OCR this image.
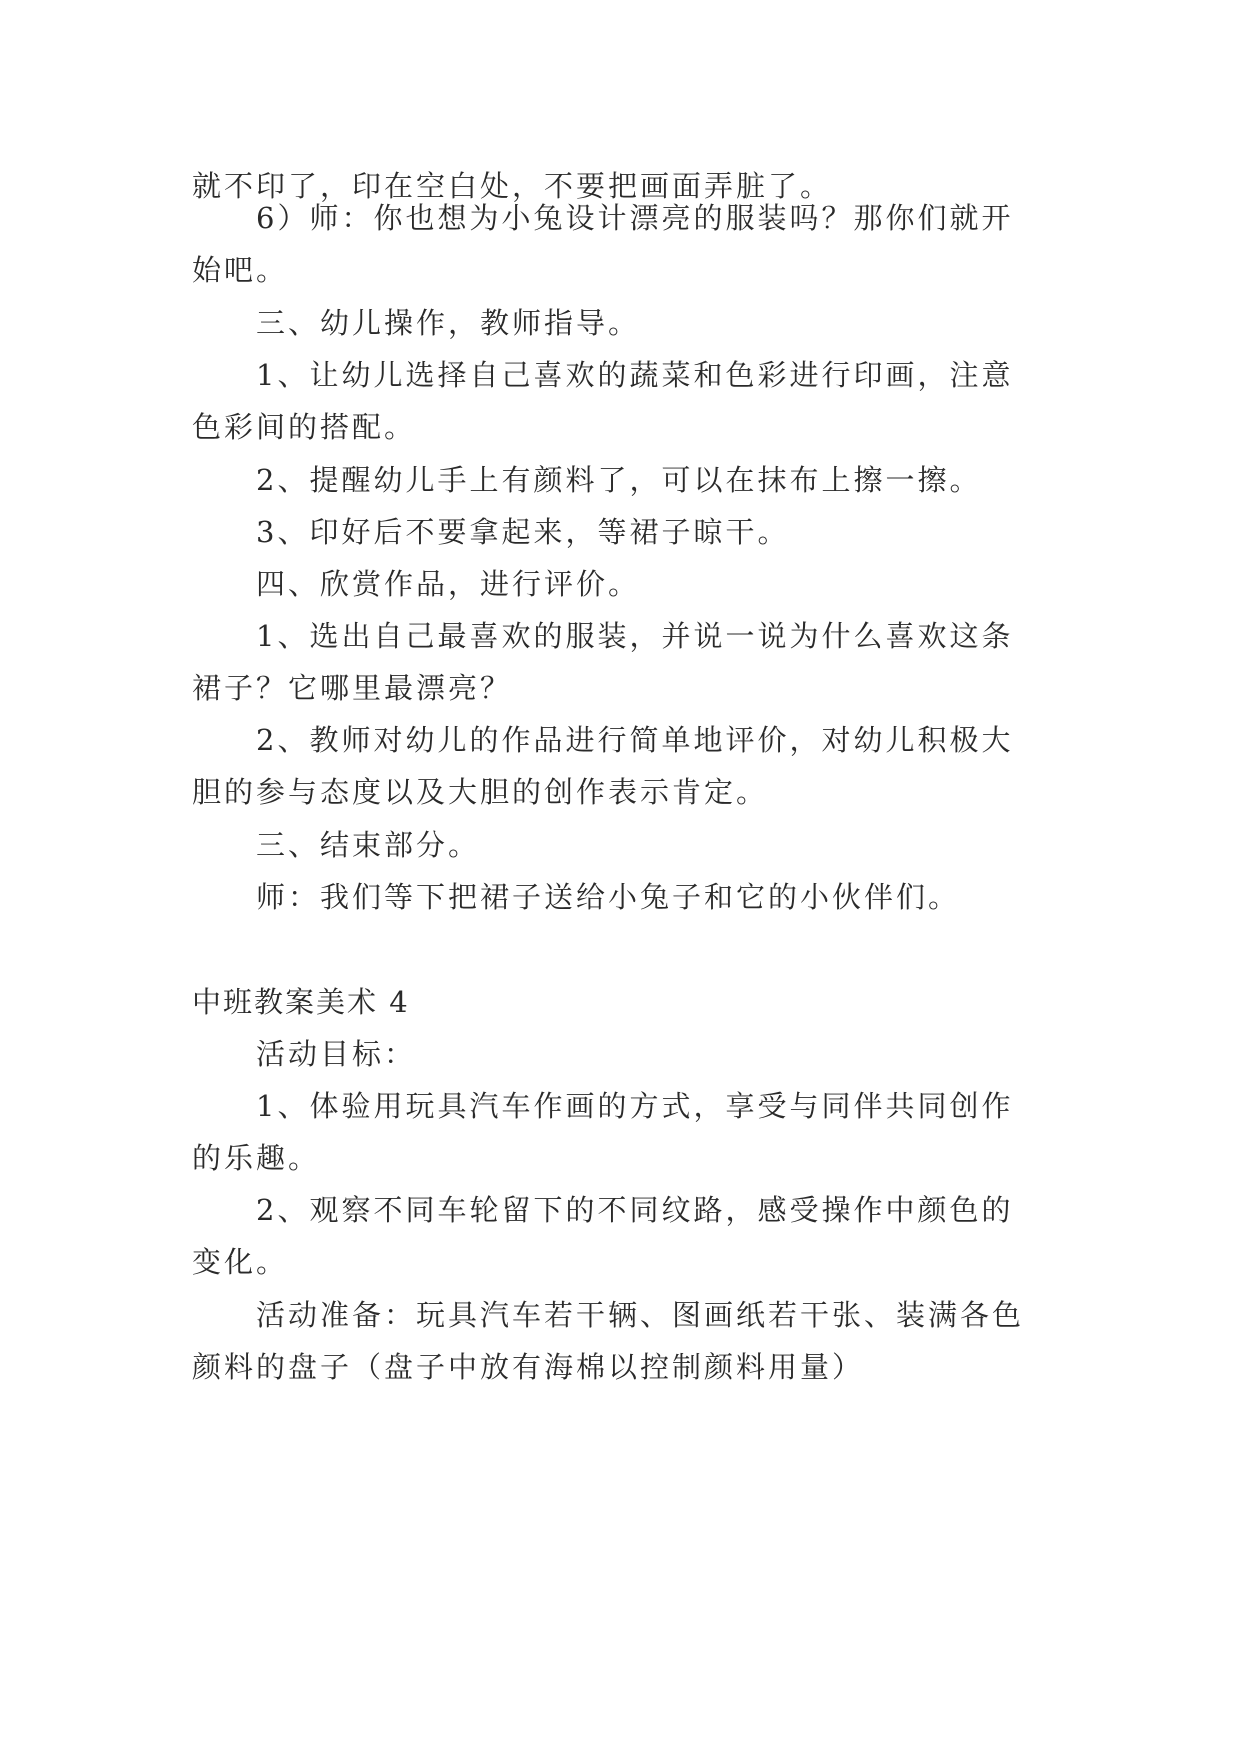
就不印了，印在空白处，不要把画面弄脏了。
6）师：你也想为小兔设计漂亮的服装吗？那你们就开
始吧。
三、幼儿操作，教师指导。
1、让幼儿选择自己喜欢的蔬菜和色彩进行印画，注意
色彩间的搭配。
2、提醒幼儿手上有颜料了，可以在抹布上擦一擦。
3、印好后不要拿起来，等裙子晾干。
四、欣赏作品，进行评价。
1、选出自己最喜欢的服装，并说一说为什么喜欢这条
裙子？它哪里最漂亮？
2、教师对幼儿的作品进行简单地评价，对幼儿积极大
胆的参与态度以及大胆的创作表示肯定。
三、结束部分。
师：我们等下把裙子送给小兔子和它的小伙伴们。
中班教案美术 4
活动目标：
1、体验用玩具汽车作画的方式，享受与同伴共同创作
的乐趣。
2、观察不同车轮留下的不同纹路，感受操作中颜色的
变化。
活动准备：玩具汽车若干辆、图画纸若干张、装满各色
颜料的盘子（盘子中放有海棉以控制颜料用量）
